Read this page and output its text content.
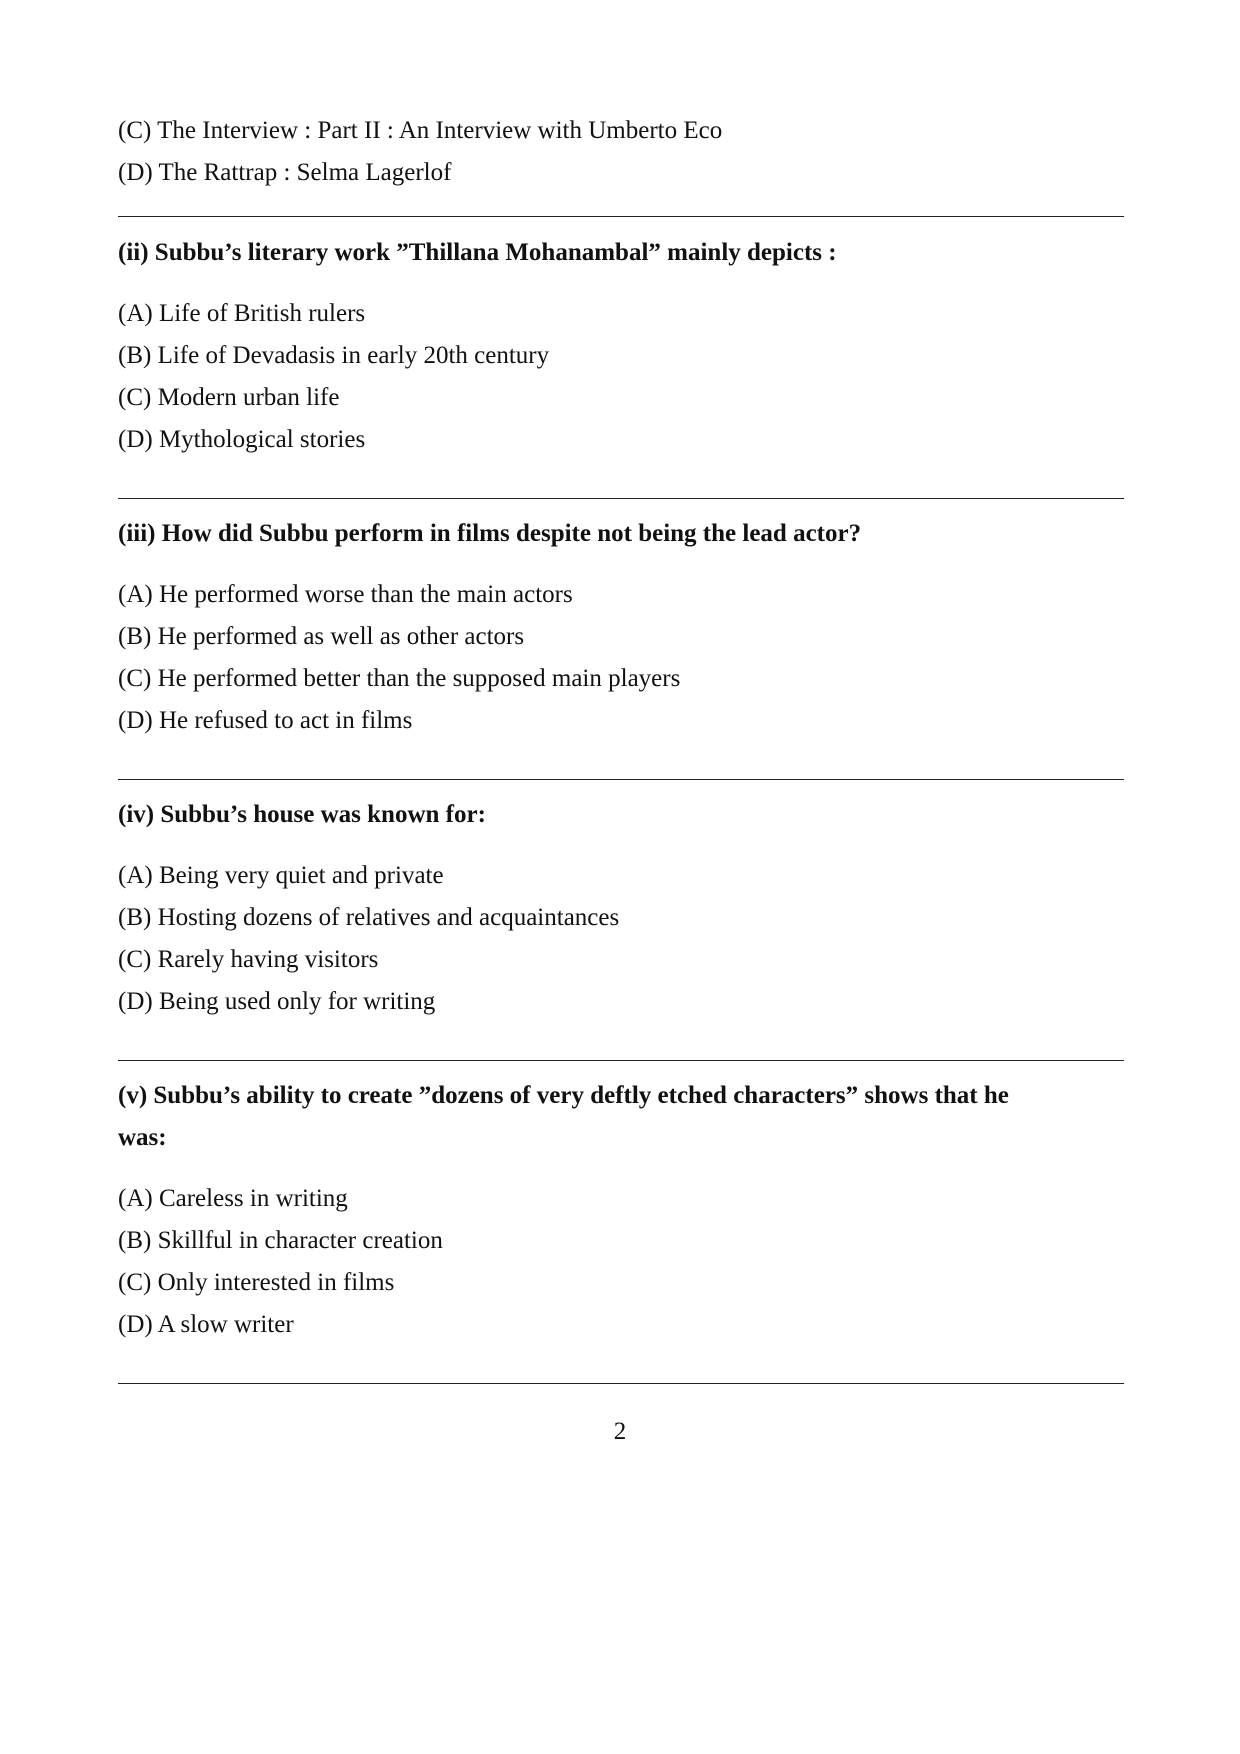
(C) The Interview : Part II : An Interview with Umberto Eco
(D) The Rattrap : Selma Lagerlof
(ii) Subbu’s literary work ”Thillana Mohanambal” mainly depicts :
(A) Life of British rulers
(B) Life of Devadasis in early 20th century
(C) Modern urban life
(D) Mythological stories
(iii) How did Subbu perform in films despite not being the lead actor?
(A) He performed worse than the main actors
(B) He performed as well as other actors
(C) He performed better than the supposed main players
(D) He refused to act in films
(iv) Subbu’s house was known for:
(A) Being very quiet and private
(B) Hosting dozens of relatives and acquaintances
(C) Rarely having visitors
(D) Being used only for writing
(v) Subbu’s ability to create ”dozens of very deftly etched characters” shows that he
was:
(A) Careless in writing
(B) Skillful in character creation
(C) Only interested in films
(D) A slow writer
2
